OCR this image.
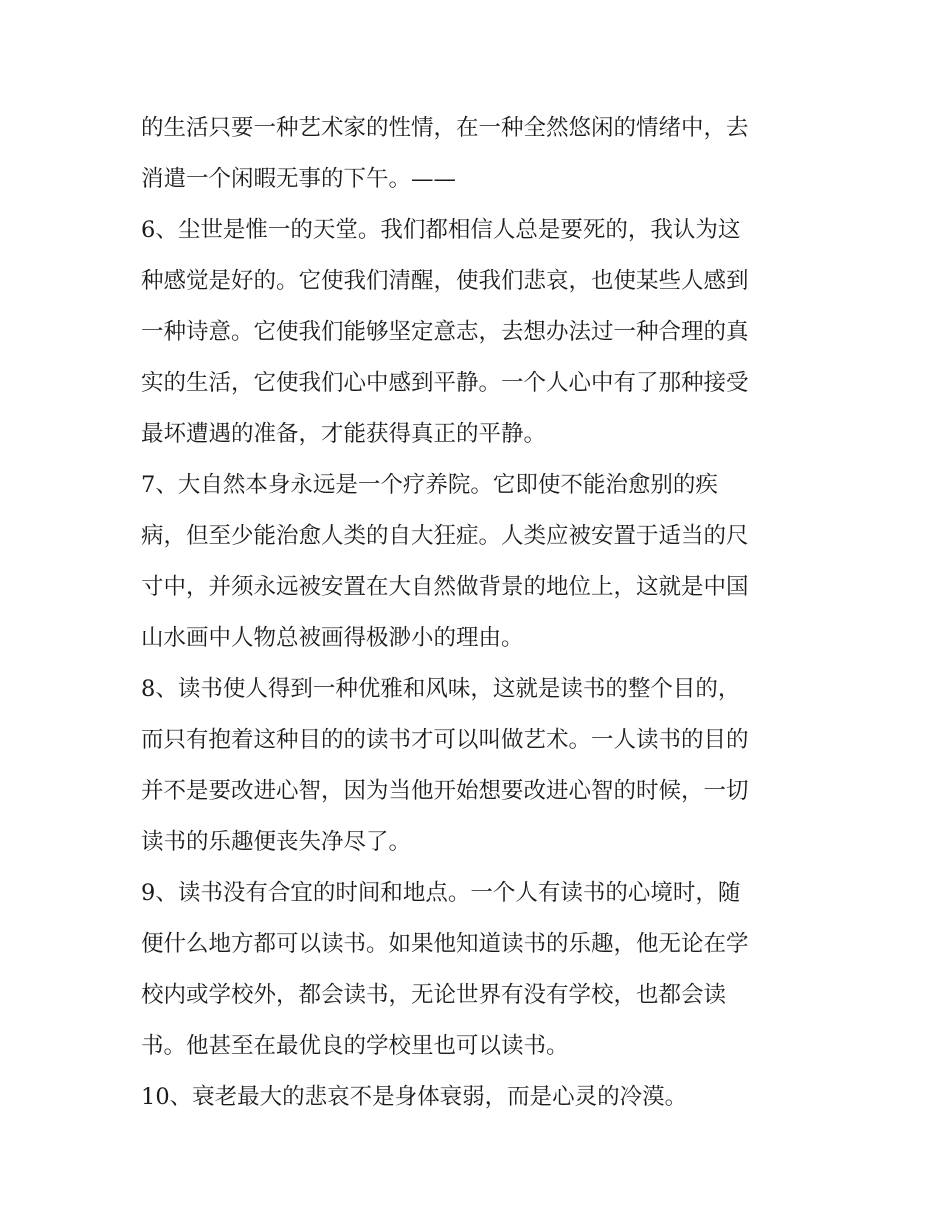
的生活只要一种艺术家的性情，在一种全然悠闲的情绪中，去
消遣一个闲暇无事的下午。——
6、尘世是惟一的天堂。我们都相信人总是要死的，我认为这
种感觉是好的。它使我们清醒，使我们悲哀，也使某些人感到
一种诗意。它使我们能够坚定意志，去想办法过一种合理的真
实的生活，它使我们心中感到平静。一个人心中有了那种接受
最坏遭遇的准备，才能获得真正的平静。
7、大自然本身永远是一个疗养院。它即使不能治愈别的疾
病，但至少能治愈人类的自大狂症。人类应被安置于适当的尺
寸中，并须永远被安置在大自然做背景的地位上，这就是中国
山水画中人物总被画得极渺小的理由。
8、读书使人得到一种优雅和风味，这就是读书的整个目的，
而只有抱着这种目的的读书才可以叫做艺术。一人读书的目的
并不是要改进心智，因为当他开始想要改进心智的时候，一切
读书的乐趣便丧失净尽了。
9、读书没有合宜的时间和地点。一个人有读书的心境时，随
便什么地方都可以读书。如果他知道读书的乐趣，他无论在学
校内或学校外，都会读书，无论世界有没有学校，也都会读
书。他甚至在最优良的学校里也可以读书。
10、衰老最大的悲哀不是身体衰弱，而是心灵的冷漠。
